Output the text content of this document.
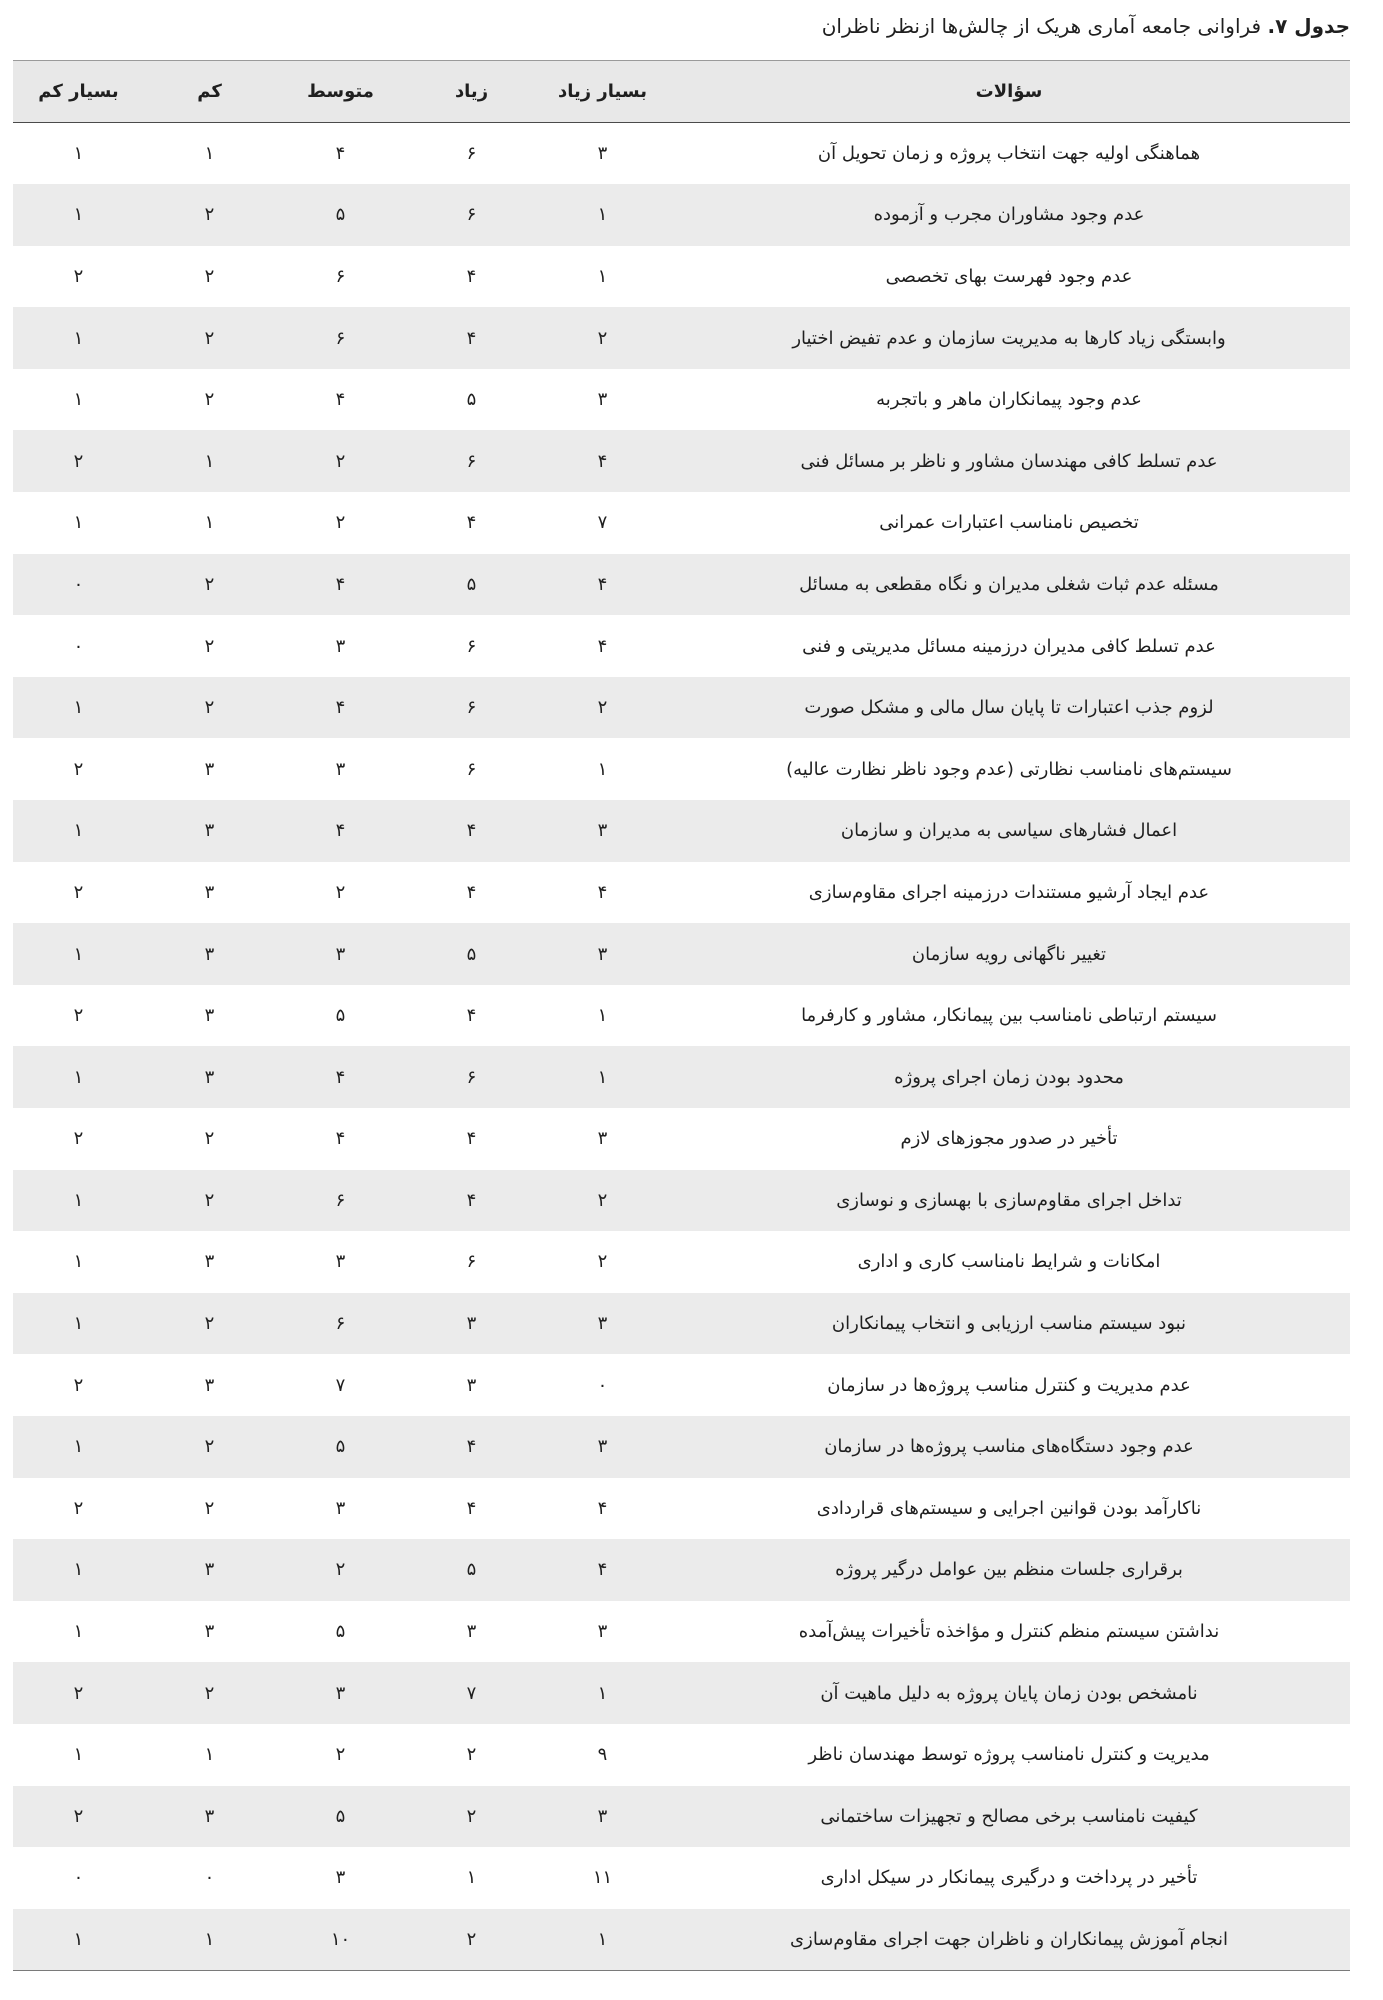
جدول ۷. فراوانی جامعه آماری هریک از چالش‌ها ازنظر ناظران
سؤالات	بسیار زیاد	زیاد	متوسط	کم	بسیار کم
هماهنگی اولیه جهت انتخاب پروژه و زمان تحویل آن	۳	۶	۴	۱	۱
عدم وجود مشاوران مجرب و آزموده	۱	۶	۵	۲	۱
عدم وجود فهرست بهای تخصصی	۱	۴	۶	۲	۲
وابستگی زیاد کارها به مدیریت سازمان و عدم تفیض اختیار	۲	۴	۶	۲	۱
عدم وجود پیمانکاران ماهر و باتجربه	۳	۵	۴	۲	۱
عدم تسلط کافی مهندسان مشاور و ناظر بر مسائل فنی	۴	۶	۲	۱	۲
تخصیص نامناسب اعتبارات عمرانی	۷	۴	۲	۱	۱
مسئله عدم ثبات شغلی مدیران و نگاه مقطعی به مسائل	۴	۵	۴	۲	۰
عدم تسلط کافی مدیران درزمینه مسائل مدیریتی و فنی	۴	۶	۳	۲	۰
لزوم جذب اعتبارات تا پایان سال مالی و مشکل صورت	۲	۶	۴	۲	۱
سیستم‌های نامناسب نظارتی (عدم وجود ناظر نظارت عالیه)	۱	۶	۳	۳	۲
اعمال فشارهای سیاسی به مدیران و سازمان	۳	۴	۴	۳	۱
عدم ایجاد آرشیو مستندات درزمینه اجرای مقاوم‌سازی	۴	۴	۲	۳	۲
تغییر ناگهانی رویه سازمان	۳	۵	۳	۳	۱
سیستم ارتباطی نامناسب بین پیمانکار، مشاور و کارفرما	۱	۴	۵	۳	۲
محدود بودن زمان اجرای پروژه	۱	۶	۴	۳	۱
تأخیر در صدور مجوزهای لازم	۳	۴	۴	۲	۲
تداخل اجرای مقاوم‌سازی با بهسازی و نوسازی	۲	۴	۶	۲	۱
امکانات و شرایط نامناسب کاری و اداری	۲	۶	۳	۳	۱
نبود سیستم مناسب ارزیابی و انتخاب پیمانکاران	۳	۳	۶	۲	۱
عدم مدیریت و کنترل مناسب پروژه‌ها در سازمان	۰	۳	۷	۳	۲
عدم وجود دستگاه‌های مناسب پروژه‌ها در سازمان	۳	۴	۵	۲	۱
ناکارآمد بودن قوانین اجرایی و سیستم‌های قراردادی	۴	۴	۳	۲	۲
برقراری جلسات منظم بین عوامل درگیر پروژه	۴	۵	۲	۳	۱
نداشتن سیستم منظم کنترل و مؤاخذه تأخیرات پیش‌آمده	۳	۳	۵	۳	۱
نامشخص بودن زمان پایان پروژه به دلیل ماهیت آن	۱	۷	۳	۲	۲
مدیریت و کنترل نامناسب پروژه توسط مهندسان ناظر	۹	۲	۲	۱	۱
کیفیت نامناسب برخی مصالح و تجهیزات ساختمانی	۳	۲	۵	۳	۲
تأخیر در پرداخت و درگیری پیمانکار در سیکل اداری	۱۱	۱	۳	۰	۰
انجام آموزش پیمانکاران و ناظران جهت اجرای مقاوم‌سازی	۱	۲	۱۰	۱	۱
